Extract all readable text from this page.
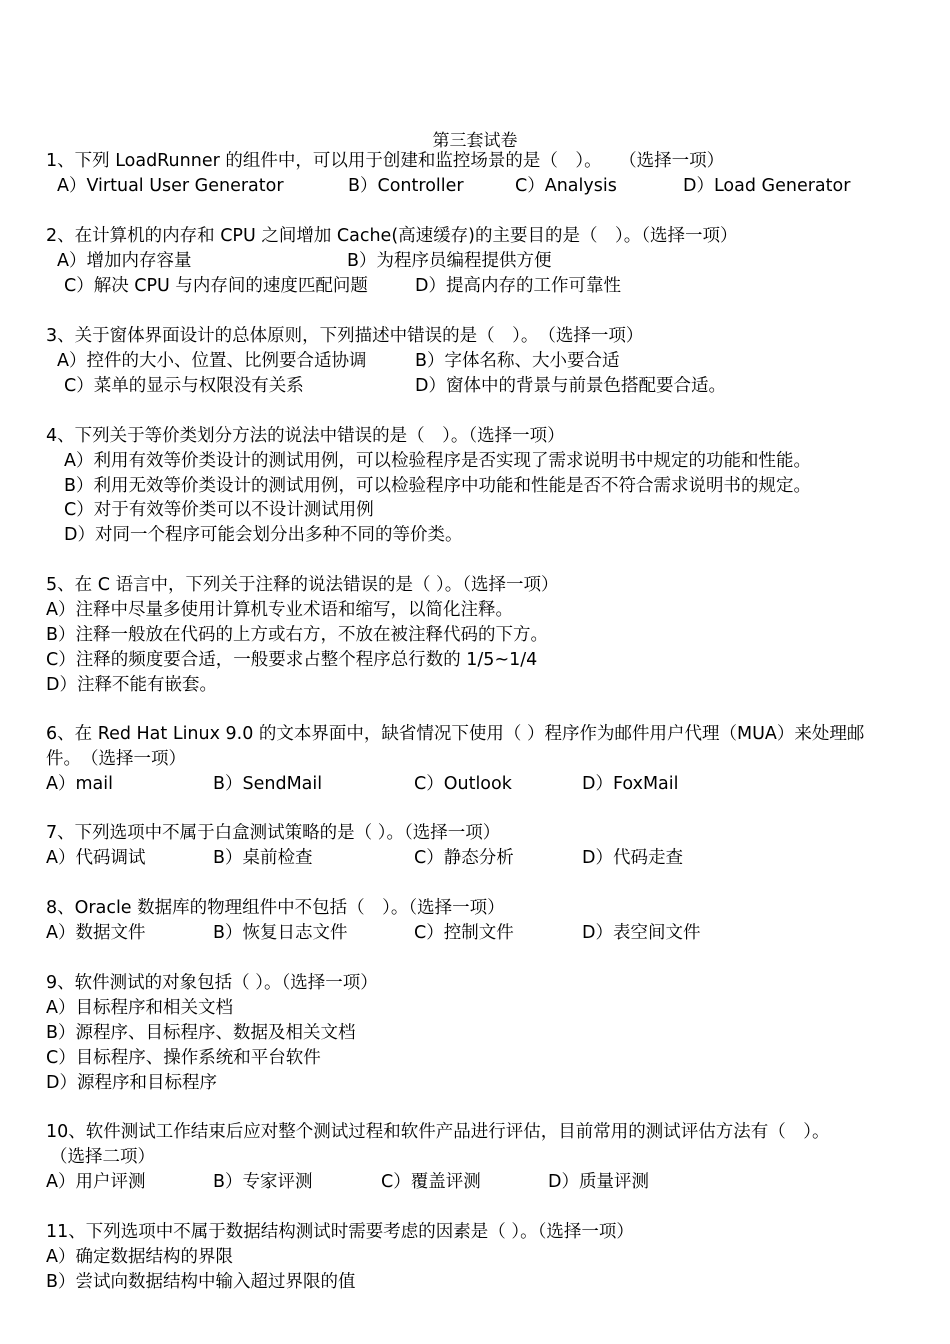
第三套试卷
1、下列 LoadRunner 的组件中，可以用于创建和监控场景的是（　）。　　（选择一项）
A）Virtual User Generator	B）Controller	C）Analysis	D）Load Generator
2、在计算机的内存和 CPU 之间增加 Cache(高速缓存)的主要目的是（　）。（选择一项）
A）增加内存容量	B）为程序员编程提供方便
C）解决 CPU 与内存间的速度匹配问题	D）提高内存的工作可靠性
3、关于窗体界面设计的总体原则，下列描述中错误的是（　）。　（选择一项）
A）控件的大小、位置、比例要合适协调	B）字体名称、大小要合适
C）菜单的显示与权限没有关系	D）窗体中的背景与前景色搭配要合适。
4、下列关于等价类划分方法的说法中错误的是（　）。（选择一项）
A）利用有效等价类设计的测试用例，可以检验程序是否实现了需求说明书中规定的功能和性能。
B）利用无效等价类设计的测试用例，可以检验程序中功能和性能是否不符合需求说明书的规定。
C）对于有效等价类可以不设计测试用例
D）对同一个程序可能会划分出多种不同的等价类。
5、在 C 语言中，下列关于注释的说法错误的是（ ）。（选择一项）
A）注释中尽量多使用计算机专业术语和缩写，以简化注释。
B）注释一般放在代码的上方或右方，不放在被注释代码的下方。
C）注释的频度要合适，一般要求占整个程序总行数的 1/5~1/4
D）注释不能有嵌套。
6、在 Red Hat Linux 9.0 的文本界面中，缺省情况下使用（ ）程序作为邮件用户代理（MUA）来处理邮
件。　（选择一项）
A）mail	B）SendMail	C）Outlook	D）FoxMail
7、下列选项中不属于白盒测试策略的是（ ）。（选择一项）
A）代码调试	B）桌前检查	C）静态分析	D）代码走查
8、Oracle 数据库的物理组件中不包括（　）。（选择一项）
A）数据文件	B）恢复日志文件	C）控制文件	D）表空间文件
9、软件测试的对象包括（ ）。（选择一项）
A）目标程序和相关文档
B）源程序、目标程序、数据及相关文档
C）目标程序、操作系统和平台软件
D）源程序和目标程序
10、软件测试工作结束后应对整个测试过程和软件产品进行评估，目前常用的测试评估方法有（　）。
（选择二项）
A）用户评测	B）专家评测	C）覆盖评测	D）质量评测
11、下列选项中不属于数据结构测试时需要考虑的因素是（ ）。（选择一项）
A）确定数据结构的界限
B）尝试向数据结构中输入超过界限的值
